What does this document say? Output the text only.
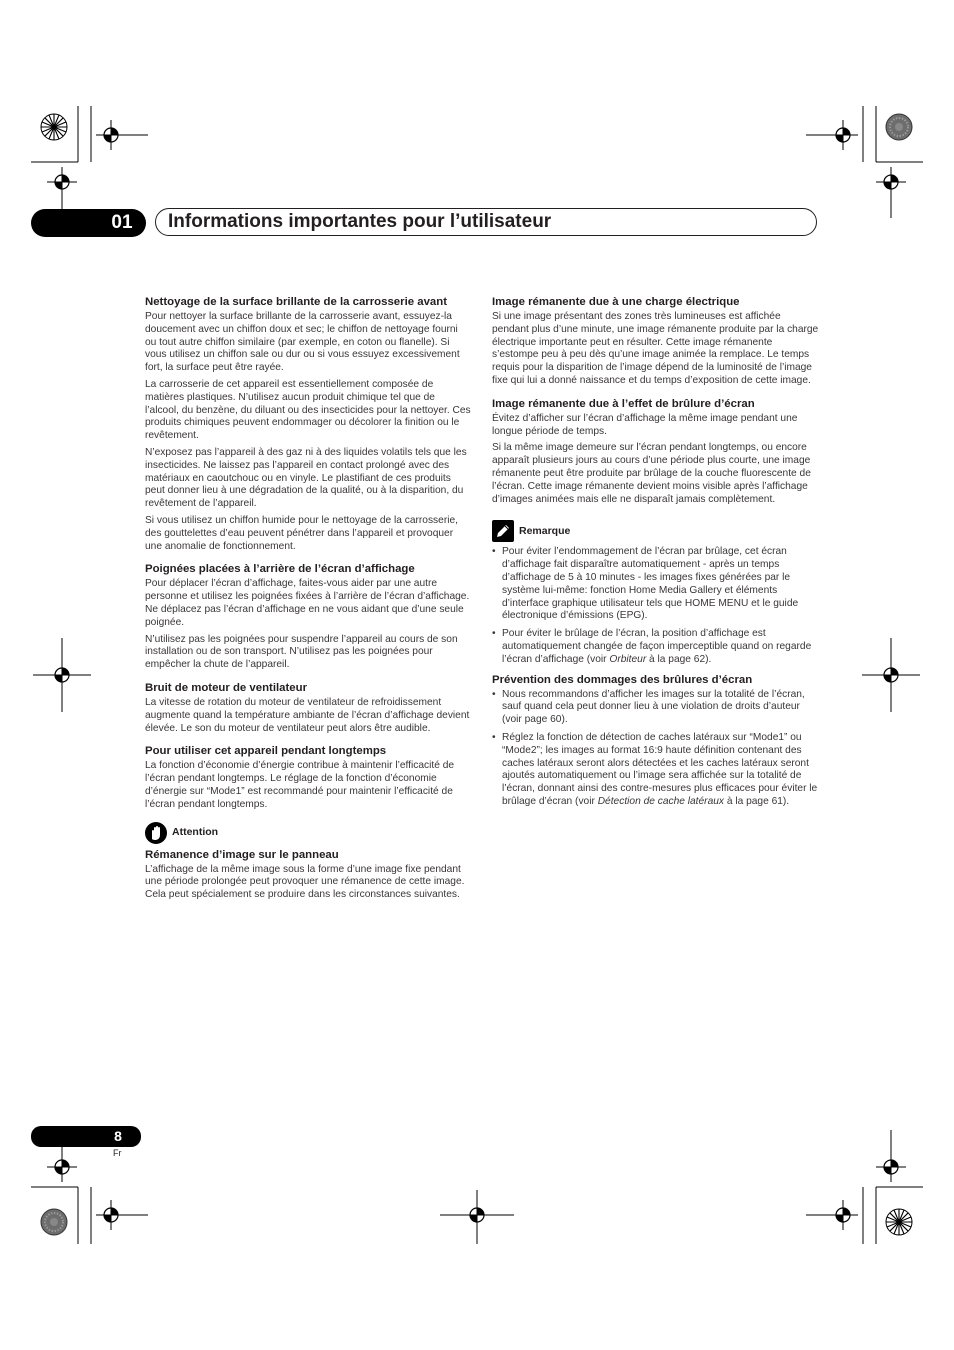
01	Informations importantes pour l’utilisateur
Nettoyage de la surface brillante de la carrosserie avant

Pour nettoyer la surface brillante de la carrosserie avant, essuyez-la doucement avec un chiffon doux et sec; le chiffon de nettoyage fourni ou tout autre chiffon similaire (par exemple, en coton ou flanelle). Si vous utilisez un chiffon sale ou dur ou si vous essuyez excessivement fort, la surface peut être rayée.

La carrosserie de cet appareil est essentiellement composée de matières plastiques. N’utilisez aucun produit chimique tel que de l’alcool, du benzène, du diluant ou des insecticides pour la nettoyer. Ces produits chimiques peuvent endommager ou décolorer la finition ou le revêtement.

N’exposez pas l’appareil à des gaz ni à des liquides volatils tels que les insecticides. Ne laissez pas l’appareil en contact prolongé avec des matériaux en caoutchouc ou en vinyle. Le plastifiant de ces produits peut donner lieu à une dégradation de la qualité, ou à la disparition, du revêtement de l’appareil.

Si vous utilisez un chiffon humide pour le nettoyage de la carrosserie, des gouttelettes d’eau peuvent pénétrer dans l’appareil et provoquer une anomalie de fonctionnement.

Poignées placées à l’arrière de l’écran d’affichage

Pour déplacer l’écran d’affichage, faites-vous aider par une autre personne et utilisez les poignées fixées à l’arrière de l’écran d’affichage. Ne déplacez pas l’écran d’affichage en ne vous aidant que d’une seule poignée.

N’utilisez pas les poignées pour suspendre l’appareil au cours de son installation ou de son transport. N’utilisez pas les poignées pour empêcher la chute de l’appareil.

Bruit de moteur de ventilateur

La vitesse de rotation du moteur de ventilateur de refroidissement augmente quand la température ambiante de l’écran d’affichage devient élevée. Le son du moteur de ventilateur peut alors être audible.

Pour utiliser cet appareil pendant longtemps

La fonction d’économie d’énergie contribue à maintenir l’efficacité de l’écran pendant longtemps. Le réglage de la fonction d’économie d’énergie sur “Mode1” est recommandé pour maintenir l’efficacité de l’écran pendant longtemps.

Attention
Rémanence d’image sur le panneau

L’affichage de la même image sous la forme d’une image fixe pendant une période prolongée peut provoquer une rémanence de cette image. Cela peut spécialement se produire dans les circonstances suivantes.

Image rémanente due à une charge électrique

Si une image présentant des zones très lumineuses est affichée pendant plus d’une minute, une image rémanente produite par la charge électrique importante peut en résulter. Cette image rémanente s’estompe peu à peu dès qu’une image animée la remplace. Le temps requis pour la disparition de l’image dépend de la luminosité de l’image fixe qui lui a donné naissance et du temps d’exposition de cette image.

Image rémanente due à l’effet de brûlure d’écran

Évitez d’afficher sur l’écran d’affichage la même image pendant une longue période de temps.

Si la même image demeure sur l’écran pendant longtemps, ou encore apparaît plusieurs jours au cours d’une période plus courte, une image rémanente peut être produite par brûlage de la couche fluorescente de l’écran. Cette image rémanente devient moins visible après l’affichage d’images animées mais elle ne disparaît jamais complètement.

Remarque
• Pour éviter l’endommagement de l’écran par brûlage, cet écran d’affichage fait disparaître automatiquement - après un temps d’affichage de 5 à 10 minutes - les images fixes générées par le système lui-même: fonction Home Media Gallery et éléments d’interface graphique utilisateur tels que HOME MENU et le guide électronique d’émissions (EPG).
• Pour éviter le brûlage de l’écran, la position d’affichage est automatiquement changée de façon imperceptible quand on regarde l’écran d’affichage (voir Orbiteur à la page 62).
Prévention des dommages des brûlures d’écran
• Nous recommandons d’afficher les images sur la totalité de l’écran, sauf quand cela peut donner lieu à une violation de droits d’auteur (voir page 60).
• Réglez la fonction de détection de caches latéraux sur “Mode1” ou “Mode2”; les images au format 16:9 haute définition contenant des caches latéraux seront alors détectées et les caches latéraux seront ajoutés automatiquement ou l’image sera affichée sur la totalité de l’écran, donnant ainsi des contre-mesures plus efficaces pour éviter le brûlage d’écran (voir Détection de cache latéraux à la page 61).
8
Fr
